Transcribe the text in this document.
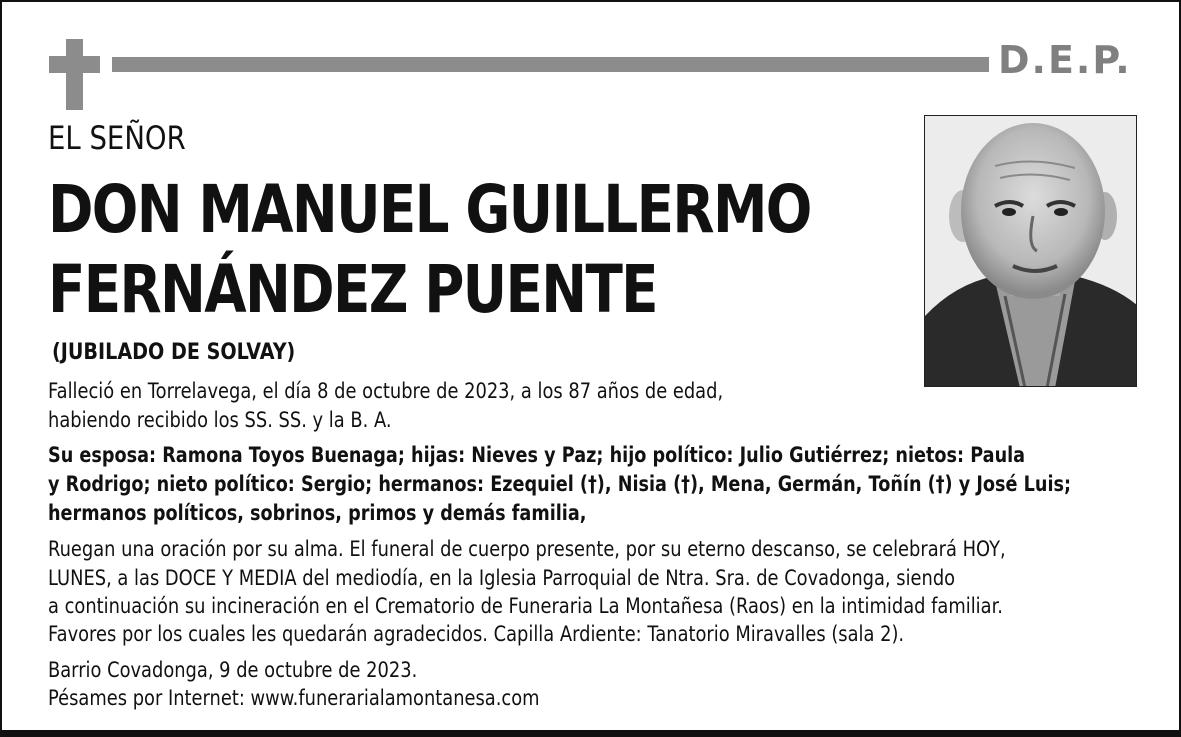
D.E.P.
EL SEÑOR
DON MANUEL GUILLERMO
FERNÁNDEZ PUENTE
(JUBILADO DE SOLVAY)
Falleció en Torrelavega, el día 8 de octubre de 2023, a los 87 años de edad,
habiendo recibido los SS. SS. y la B. A.
Su esposa: Ramona Toyos Buenaga; hijas: Nieves y Paz; hijo político: Julio Gutiérrez; nietos: Paula
y Rodrigo; nieto político: Sergio; hermanos: Ezequiel (†), Nisia (†), Mena, Germán, Toñín (†) y José Luis;
hermanos políticos, sobrinos, primos y demás familia,
Ruegan una oración por su alma. El funeral de cuerpo presente, por su eterno descanso, se celebrará HOY,
LUNES, a las DOCE Y MEDIA del mediodía, en la Iglesia Parroquial de Ntra. Sra. de Covadonga, siendo
a continuación su incineración en el Crematorio de Funeraria La Montañesa (Raos) en la intimidad familiar.
Favores por los cuales les quedarán agradecidos. Capilla Ardiente: Tanatorio Miravalles (sala 2).
Barrio Covadonga, 9 de octubre de 2023.
Pésames por Internet: www.funerarialamontanesa.com
